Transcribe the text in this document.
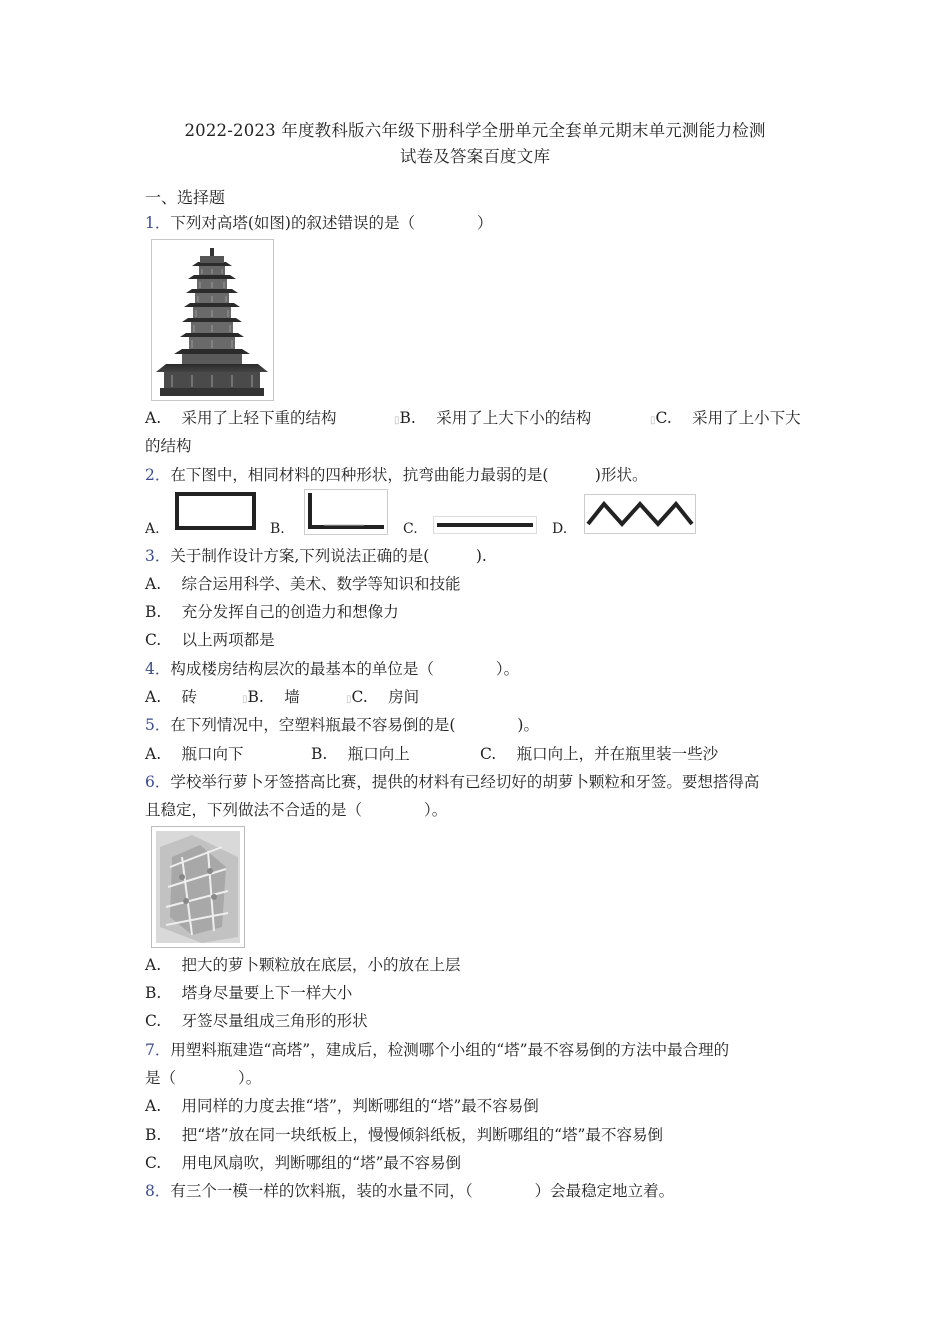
2022-2023 年度教科版六年级下册科学全册单元全套单元期末单元测能力检测
试卷及答案百度文库
一、选择题
1．下列对高塔(如图)的叙述错误的是（　　　　）
A.　 采用了上轻下重的结构	▯B.　 采用了上大下小的结构	▯C.　 采用了上小下大
的结构
2．在下图中，相同材料的四种形状，抗弯曲能力最弱的是(　　　)形状。
A.	B.	C.	D.
3．关于制作设计方案,下列说法正确的是(　　　).
A.　 综合运用科学、美术、数学等知识和技能
B.　 充分发挥自己的创造力和想像力
C.　 以上两项都是
4．构成楼房结构层次的最基本的单位是（　　　　）。
A.　 砖	▯B.　 墙	▯C.　 房间
5．在下列情况中，空塑料瓶最不容易倒的是(　　　　)。
A.　 瓶口向下	B.　 瓶口向上	C.　 瓶口向上，并在瓶里装一些沙
6．学校举行萝卜牙签搭高比赛，提供的材料有已经切好的胡萝卜颗粒和牙签。要想搭得高
且稳定，下列做法不合适的是（　　　　）。
A.　 把大的萝卜颗粒放在底层，小的放在上层
B.　 塔身尽量要上下一样大小
C.　 牙签尽量组成三角形的形状
7．用塑料瓶建造“高塔”，建成后，检测哪个小组的“塔”最不容易倒的方法中最合理的
是（　　　　）。
A.　 用同样的力度去推“塔”，判断哪组的“塔”最不容易倒
B.　 把“塔”放在同一块纸板上，慢慢倾斜纸板，判断哪组的“塔”最不容易倒
C.　 用电风扇吹，判断哪组的“塔”最不容易倒
8．有三个一模一样的饮料瓶，装的水量不同，（　　　　）会最稳定地立着。
